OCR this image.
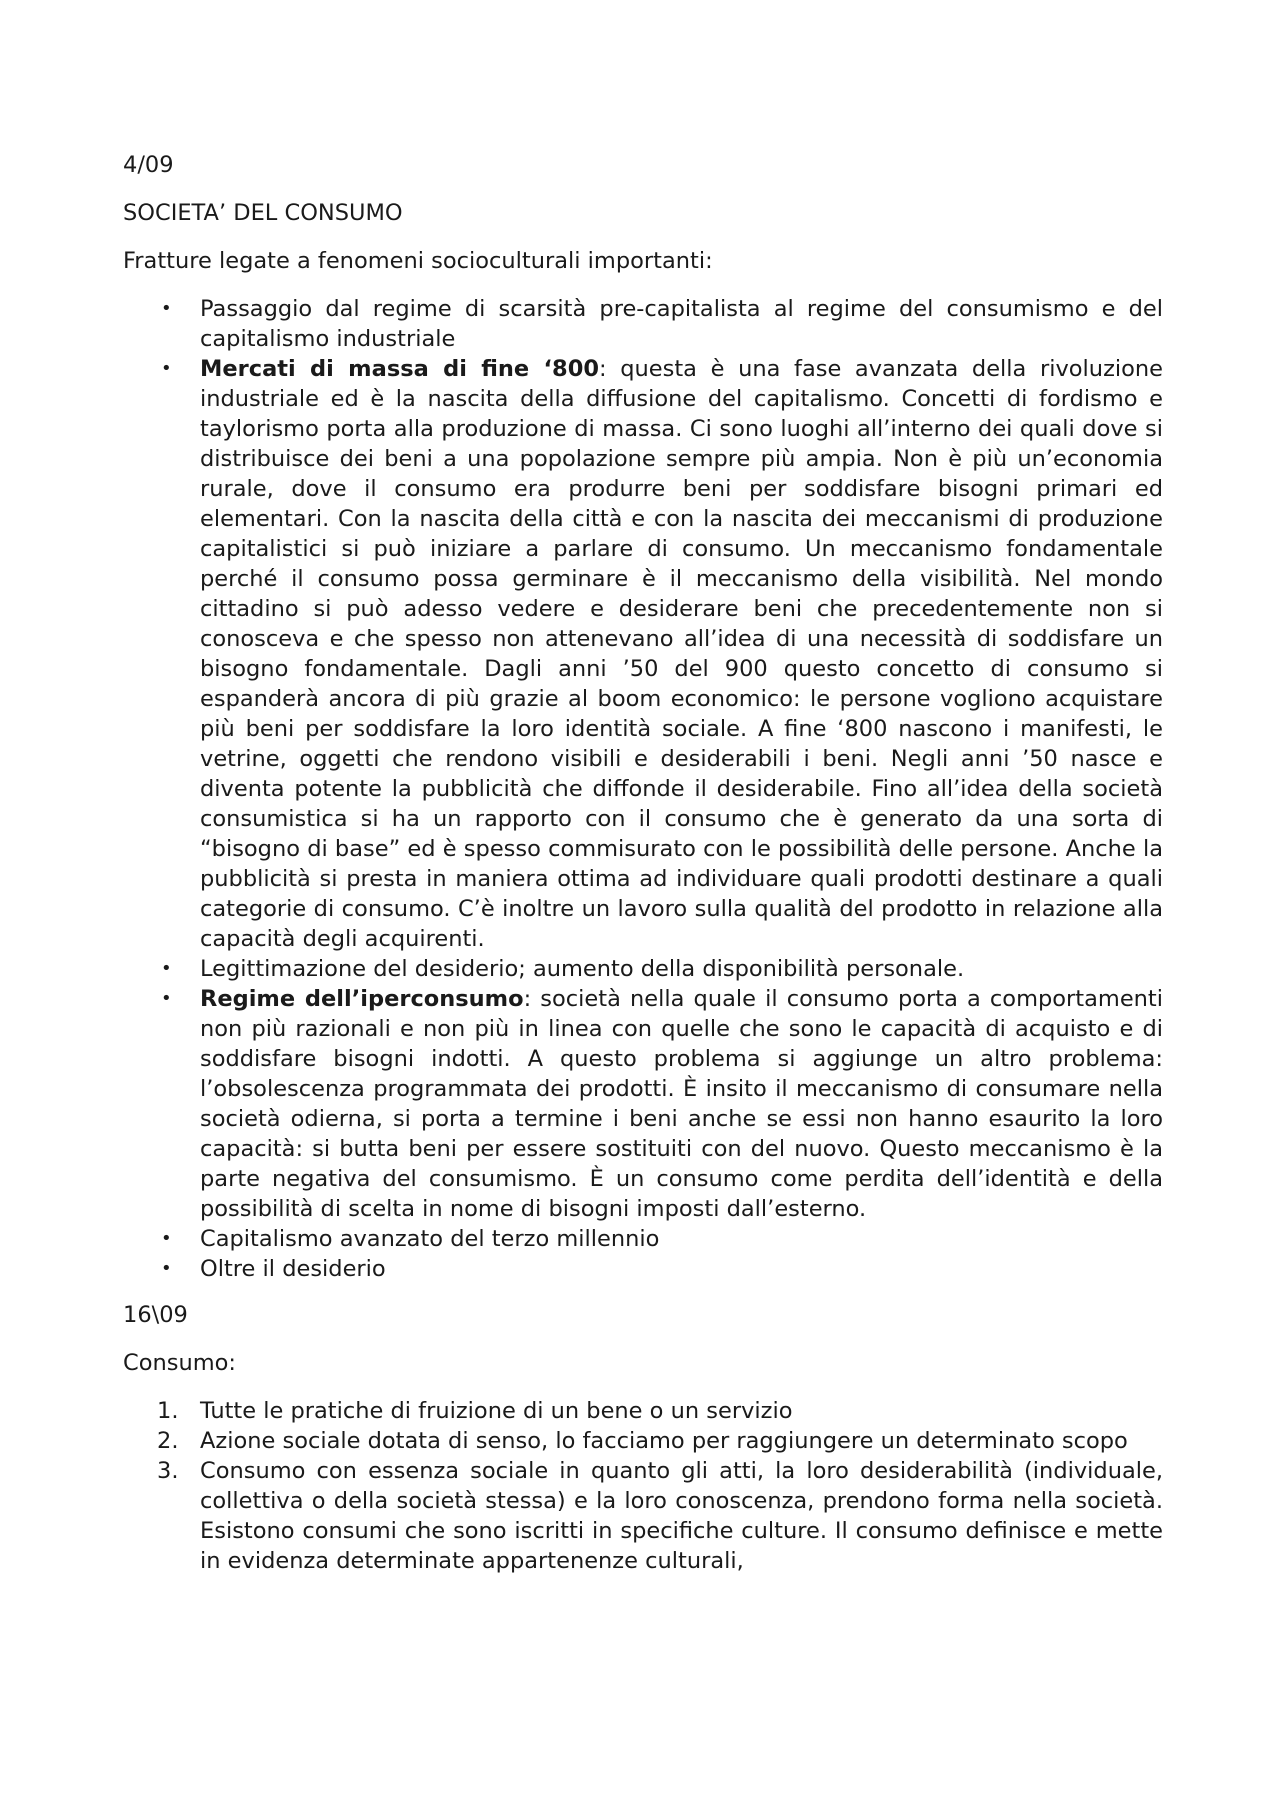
4/09

SOCIETA’ DEL CONSUMO

Fratture legate a fenomeni socioculturali importanti:

•	Passaggio dal regime di scarsità pre-capitalista al regime del consumismo e del capitalismo industriale
•	Mercati di massa di fine ‘800: questa è una fase avanzata della rivoluzione industriale ed è la nascita della diffusione del capitalismo. Concetti di fordismo e taylorismo porta alla produzione di massa. Ci sono luoghi all’interno dei quali dove si distribuisce dei beni a una popolazione sempre più ampia. Non è più un’economia rurale, dove il consumo era produrre beni per soddisfare bisogni primari ed elementari. Con la nascita della città e con la nascita dei meccanismi di produzione capitalistici si può iniziare a parlare di consumo. Un meccanismo fondamentale perché il consumo possa germinare è il meccanismo della visibilità. Nel mondo cittadino si può adesso vedere e desiderare beni che precedentemente non si conosceva e che spesso non attenevano all’idea di una necessità di soddisfare un bisogno fondamentale. Dagli anni ’50 del 900 questo concetto di consumo si espanderà ancora di più grazie al boom economico: le persone vogliono acquistare più beni per soddisfare la loro identità sociale. A fine ‘800 nascono i manifesti, le vetrine, oggetti che rendono visibili e desiderabili i beni. Negli anni ’50 nasce e diventa potente la pubblicità che diffonde il desiderabile. Fino all’idea della società consumistica si ha un rapporto con il consumo che è generato da una sorta di “bisogno di base” ed è spesso commisurato con le possibilità delle persone. Anche la pubblicità si presta in maniera ottima ad individuare quali prodotti destinare a quali categorie di consumo. C’è inoltre un lavoro sulla qualità del prodotto in relazione alla capacità degli acquirenti.
•	Legittimazione del desiderio; aumento della disponibilità personale.
•	Regime dell’iperconsumo: società nella quale il consumo porta a comportamenti non più razionali e non più in linea con quelle che sono le capacità di acquisto e di soddisfare bisogni indotti. A questo problema si aggiunge un altro problema: l’obsolescenza programmata dei prodotti. È insito il meccanismo di consumare nella società odierna, si porta a termine i beni anche se essi non hanno esaurito la loro capacità: si butta beni per essere sostituiti con del nuovo. Questo meccanismo è la parte negativa del consumismo. È un consumo come perdita dell’identità e della possibilità di scelta in nome di bisogni imposti dall’esterno.
•	Capitalismo avanzato del terzo millennio
•	Oltre il desiderio

16\09

Consumo:

1. Tutte le pratiche di fruizione di un bene o un servizio
2. Azione sociale dotata di senso, lo facciamo per raggiungere un determinato scopo
3. Consumo con essenza sociale in quanto gli atti, la loro desiderabilità (individuale, collettiva o della società stessa) e la loro conoscenza, prendono forma nella società. Esistono consumi che sono iscritti in specifiche culture. Il consumo definisce e mette in evidenza determinate appartenenze culturali,
